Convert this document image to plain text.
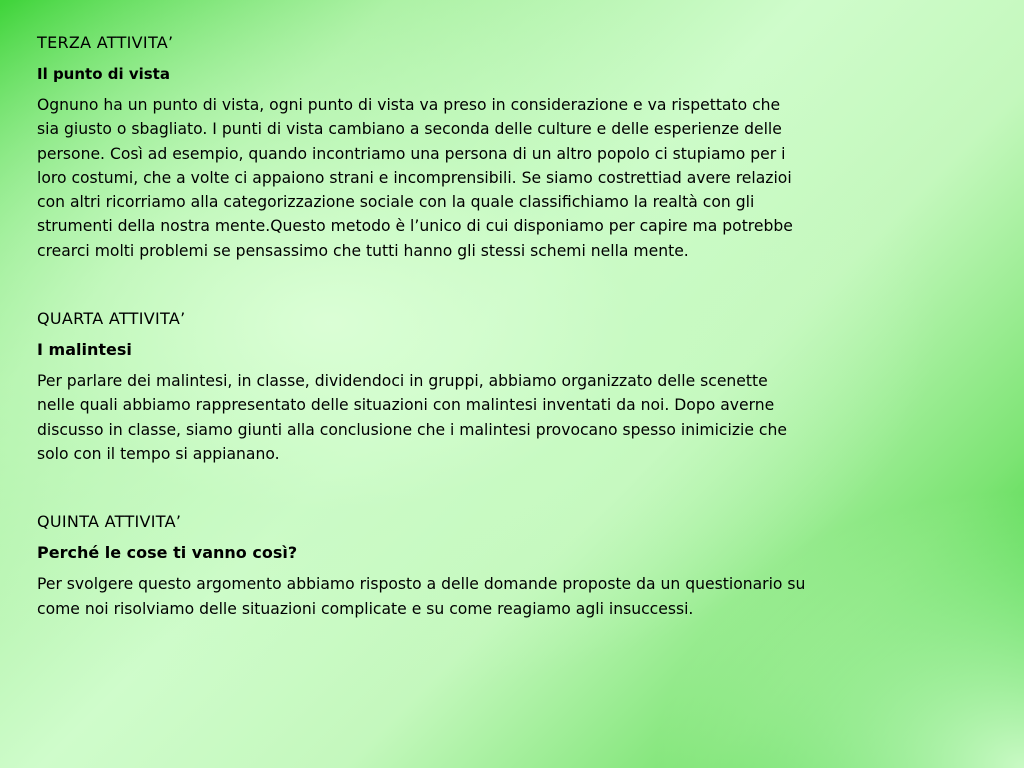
TERZA ATTIVITA’
Il punto di vista
Ognuno ha un punto di vista, ogni punto di vista va preso in considerazione e va rispettato che
sia giusto o sbagliato. I punti di vista cambiano a seconda delle culture e delle esperienze delle
persone. Così ad esempio, quando incontriamo una persona di un altro popolo ci stupiamo per i
loro costumi, che a volte ci appaiono strani e incomprensibili. Se siamo costrettiad avere relazioi
con altri ricorriamo alla categorizzazione sociale con la quale classifichiamo la realtà con gli
strumenti della nostra mente.Questo metodo è l’unico di cui disponiamo per capire ma potrebbe
crearci molti problemi se pensassimo che tutti hanno gli stessi schemi nella mente.
QUARTA ATTIVITA’
I malintesi
Per parlare dei malintesi, in classe, dividendoci in gruppi, abbiamo organizzato delle scenette
nelle quali abbiamo rappresentato delle situazioni con malintesi inventati da noi. Dopo averne
discusso in classe, siamo giunti alla conclusione che i malintesi provocano spesso inimicizie che
solo con il tempo si appianano.
QUINTA ATTIVITA’
Perché le cose ti vanno così?
Per svolgere questo argomento abbiamo risposto a delle domande proposte da un questionario su
come noi risolviamo delle situazioni complicate e su come reagiamo agli insuccessi.
